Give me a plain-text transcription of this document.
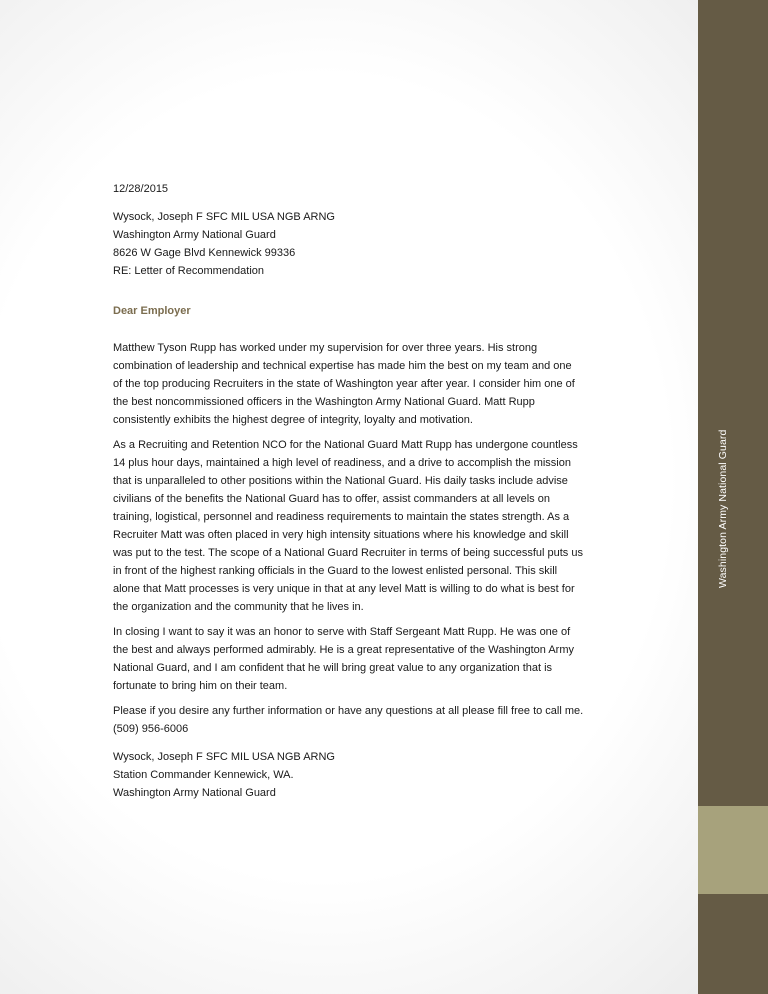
Washington Army National Guard

12/28/2015

Wysock, Joseph F SFC MIL USA NGB ARNG

Washington Army National Guard

8626 W Gage Blvd Kennewick 99336

RE: Letter of Recommendation

Dear Employer

Matthew Tyson Rupp has worked under my supervision for over three years. His strong

combination of leadership and technical expertise has made him the best on my team and one

of the top producing Recruiters in the state of Washington year after year. I consider him one of

the best noncommissioned officers in the Washington Army National Guard. Matt Rupp

consistently exhibits the highest degree of integrity, loyalty and motivation.

As a Recruiting and Retention NCO for the National Guard Matt Rupp has undergone countless

14 plus hour days, maintained a high level of readiness, and a drive to accomplish the mission

that is unparalleled to other positions within the National Guard. His daily tasks include advise

civilians of the benefits the National Guard has to offer, assist commanders at all levels on

training, logistical, personnel and readiness requirements to maintain the states strength. As a

Recruiter Matt was often placed in very high intensity situations where his knowledge and skill

was put to the test. The scope of a National Guard Recruiter in terms of being successful puts us

in front of the highest ranking officials in the Guard to the lowest enlisted personal. This skill

alone that Matt processes is very unique in that at any level Matt is willing to do what is best for

the organization and the community that he lives in.

In closing I want to say it was an honor to serve with Staff Sergeant Matt Rupp. He was one of

the best and always performed admirably. He is a great representative of the Washington Army

National Guard, and I am confident that he will bring great value to any organization that is

fortunate to bring him on their team.

Please if you desire any further information or have any questions at all please fill free to call me.

(509) 956-6006

Wysock, Joseph F SFC MIL USA NGB ARNG

Station Commander Kennewick, WA.

Washington Army National Guard
